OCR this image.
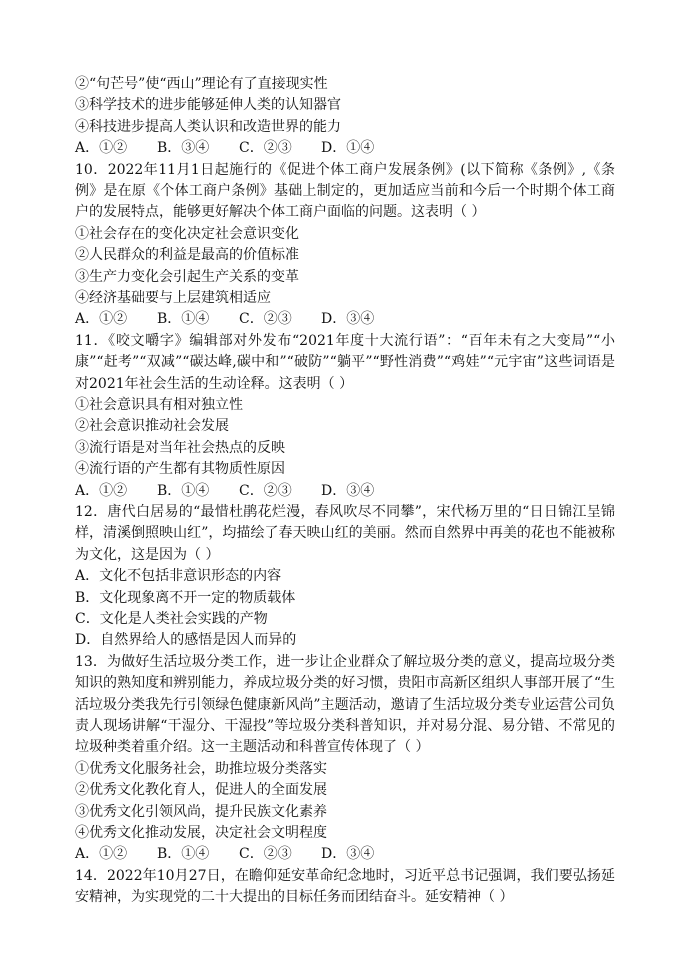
②“句芒号”使“西山”理论有了直接现实性
③科学技术的进步能够延伸人类的认知器官
④科技进步提高人类认识和改造世界的能力
A．①② B．③④ C．②③ D．①④
10．2022年11月1日起施行的《促进个体工商户发展条例》(以下简称《条例》,《条例》是在原《个体工商户条例》基础上制定的，更加适应当前和今后一个时期个体工商户的发展特点，能够更好解决个体工商户面临的问题。这表明（ ）
①社会存在的变化决定社会意识变化
②人民群众的利益是最高的价值标准
③生产力变化会引起生产关系的变革
④经济基础要与上层建筑相适应
A．①② B．①④ C．②③ D．③④
11．《咬文嚼字》编辑部对外发布“2021年度十大流行语”：“百年未有之大变局”“小康”“赶考”“双减”“碳达峰,碳中和”“破防”“躺平”“野性消费”“鸡娃”“元宇宙”这些词语是对2021年社会生活的生动诠释。这表明（ ）
①社会意识具有相对独立性
②社会意识推动社会发展
③流行语是对当年社会热点的反映
④流行语的产生都有其物质性原因
A．①② B．①④ C．②③ D．③④
12．唐代白居易的“最惜杜鹃花烂漫，春风吹尽不同攀”，宋代杨万里的“日日锦江呈锦样，清溪倒照映山红”，均描绘了春天映山红的美丽。然而自然界中再美的花也不能被称为文化，这是因为（ ）
A．文化不包括非意识形态的内容
B．文化现象离不开一定的物质载体
C．文化是人类社会实践的产物
D．自然界给人的感悟是因人而异的
13．为做好生活垃圾分类工作，进一步让企业群众了解垃圾分类的意义，提高垃圾分类知识的熟知度和辨别能力，养成垃圾分类的好习惯，贵阳市高新区组织人事部开展了“生活垃圾分类我先行引领绿色健康新风尚”主题活动，邀请了生活垃圾分类专业运营公司负责人现场讲解“干湿分、干湿投”等垃圾分类科普知识，并对易分混、易分错、不常见的垃圾种类着重介绍。这一主题活动和科普宣传体现了（ ）
①优秀文化服务社会，助推垃圾分类落实
②优秀文化教化育人，促进人的全面发展
③优秀文化引领风尚，提升民族文化素养
④优秀文化推动发展，决定社会文明程度
A．①② B．①④ C．②③ D．③④
14．2022年10月27日，在瞻仰延安革命纪念地时，习近平总书记强调，我们要弘扬延安精神，为实现党的二十大提出的目标任务而团结奋斗。延安精神（ ）
